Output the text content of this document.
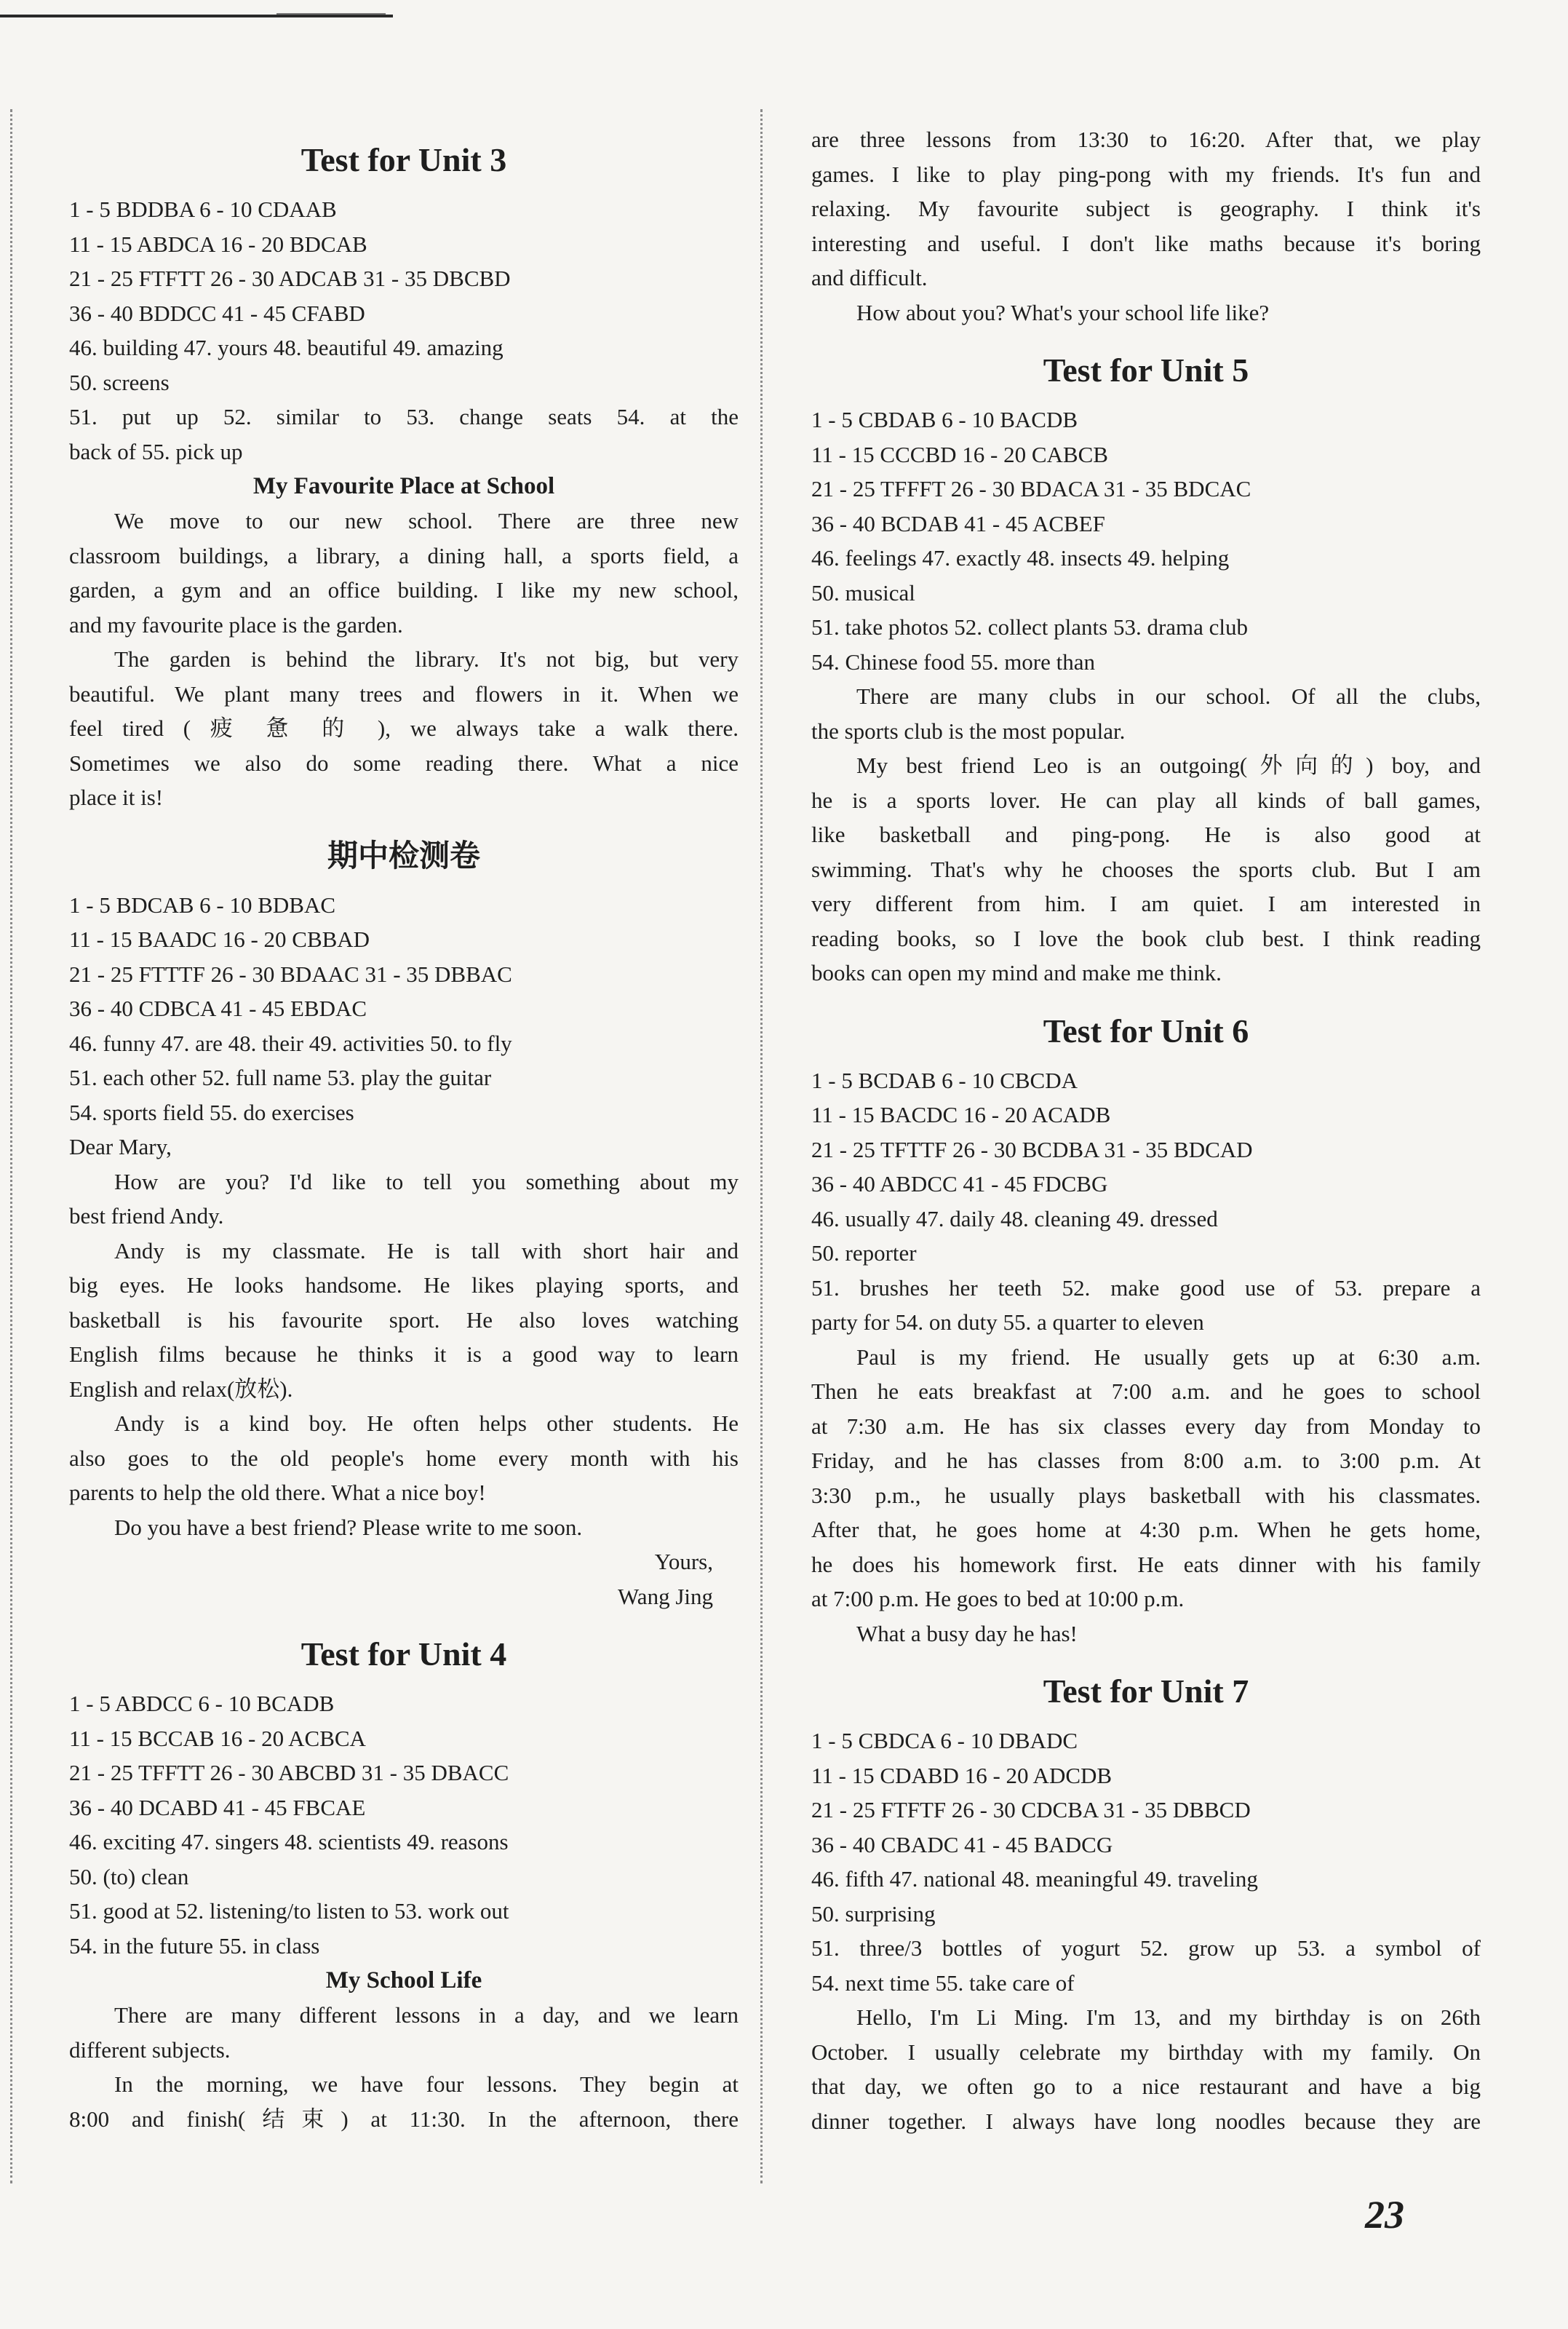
Test for Unit 3
1 - 5 BDDBA 6 - 10 CDAAB
11 - 15 ABDCA 16 - 20 BDCAB
21 - 25 FTFTT 26 - 30 ADCAB 31 - 35 DBCBD
36 - 40 BDDCC 41 - 45 CFABD
46. building 47. yours 48. beautiful 49. amazing
50. screens
51. put up 52. similar to 53. change seats 54. at the
back of 55. pick up
My Favourite Place at School
We move to our new school. There are three new
classroom buildings, a library, a dining hall, a sports field, a
garden, a gym and an office building. I like my new school,
and my favourite place is the garden.
The garden is behind the library. It's not big, but very
beautiful. We plant many trees and flowers in it. When we
feel tired ( 疲 惫 的 ), we always take a walk there.
Sometimes we also do some reading there. What a nice
place it is!
期中检测卷
1 - 5 BDCAB 6 - 10 BDBAC
11 - 15 BAADC 16 - 20 CBBAD
21 - 25 FTTTF 26 - 30 BDAAC 31 - 35 DBBAC
36 - 40 CDBCA 41 - 45 EBDAC
46. funny 47. are 48. their 49. activities 50. to fly
51. each other 52. full name 53. play the guitar
54. sports field 55. do exercises
Dear Mary,
How are you? I'd like to tell you something about my
best friend Andy.
Andy is my classmate. He is tall with short hair and
big eyes. He looks handsome. He likes playing sports, and
basketball is his favourite sport. He also loves watching
English films because he thinks it is a good way to learn
English and relax(放松).
Andy is a kind boy. He often helps other students. He
also goes to the old people's home every month with his
parents to help the old there. What a nice boy!
Do you have a best friend? Please write to me soon.
Yours,
Wang Jing
Test for Unit 4
1 - 5 ABDCC 6 - 10 BCADB
11 - 15 BCCAB 16 - 20 ACBCA
21 - 25 TFFTT 26 - 30 ABCBD 31 - 35 DBACC
36 - 40 DCABD 41 - 45 FBCAE
46. exciting 47. singers 48. scientists 49. reasons
50. (to) clean
51. good at 52. listening/to listen to 53. work out
54. in the future 55. in class
My School Life
There are many different lessons in a day, and we learn
different subjects.
In the morning, we have four lessons. They begin at
8:00 and finish(结束) at 11:30. In the afternoon, there
are three lessons from 13:30 to 16:20. After that, we play
games. I like to play ping-pong with my friends. It's fun and
relaxing. My favourite subject is geography. I think it's
interesting and useful. I don't like maths because it's boring
and difficult.
How about you? What's your school life like?
Test for Unit 5
1 - 5 CBDAB 6 - 10 BACDB
11 - 15 CCCBD 16 - 20 CABCB
21 - 25 TFFFT 26 - 30 BDACA 31 - 35 BDCAC
36 - 40 BCDAB 41 - 45 ACBEF
46. feelings 47. exactly 48. insects 49. helping
50. musical
51. take photos 52. collect plants 53. drama club
54. Chinese food 55. more than
There are many clubs in our school. Of all the clubs,
the sports club is the most popular.
My best friend Leo is an outgoing(外向的) boy, and
he is a sports lover. He can play all kinds of ball games,
like basketball and ping-pong. He is also good at
swimming. That's why he chooses the sports club. But I am
very different from him. I am quiet. I am interested in
reading books, so I love the book club best. I think reading
books can open my mind and make me think.
Test for Unit 6
1 - 5 BCDAB 6 - 10 CBCDA
11 - 15 BACDC 16 - 20 ACADB
21 - 25 TFTTF 26 - 30 BCDBA 31 - 35 BDCAD
36 - 40 ABDCC 41 - 45 FDCBG
46. usually 47. daily 48. cleaning 49. dressed
50. reporter
51. brushes her teeth 52. make good use of 53. prepare a
party for 54. on duty 55. a quarter to eleven
Paul is my friend. He usually gets up at 6:30 a.m.
Then he eats breakfast at 7:00 a.m. and he goes to school
at 7:30 a.m. He has six classes every day from Monday to
Friday, and he has classes from 8:00 a.m. to 3:00 p.m. At
3:30 p.m., he usually plays basketball with his classmates.
After that, he goes home at 4:30 p.m. When he gets home,
he does his homework first. He eats dinner with his family
at 7:00 p.m. He goes to bed at 10:00 p.m.
What a busy day he has!
Test for Unit 7
1 - 5 CBDCA 6 - 10 DBADC
11 - 15 CDABD 16 - 20 ADCDB
21 - 25 FTFTF 26 - 30 CDCBA 31 - 35 DBBCD
36 - 40 CBADC 41 - 45 BADCG
46. fifth 47. national 48. meaningful 49. traveling
50. surprising
51. three/3 bottles of yogurt 52. grow up 53. a symbol of
54. next time 55. take care of
Hello, I'm Li Ming. I'm 13, and my birthday is on 26th
October. I usually celebrate my birthday with my family. On
that day, we often go to a nice restaurant and have a big
dinner together. I always have long noodles because they are
23
